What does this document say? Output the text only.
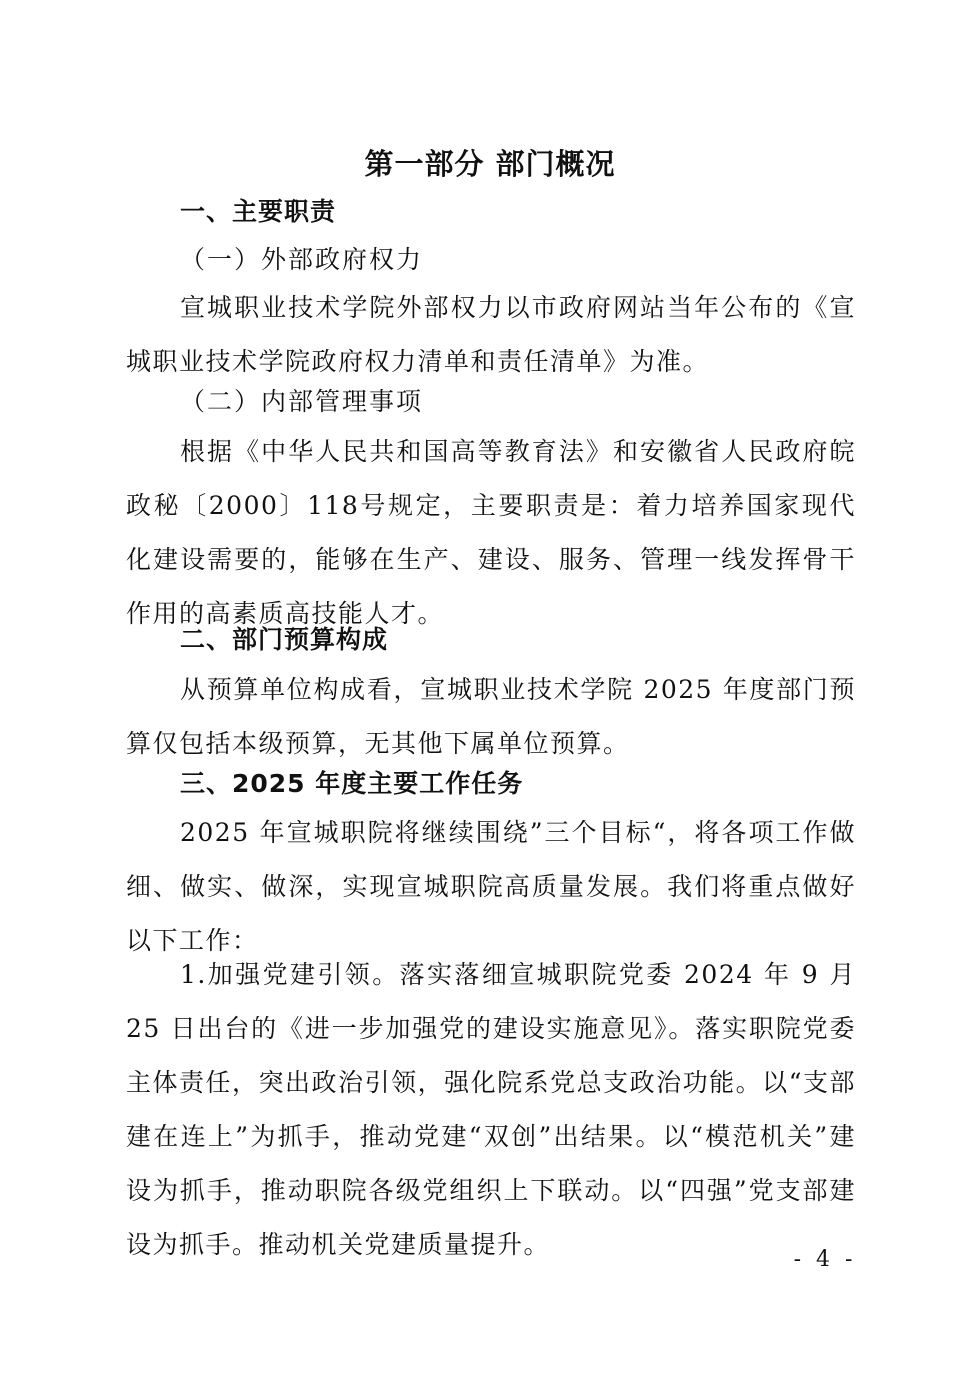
第一部分 部门概况
一、主要职责
（一）外部政府权力

宣城职业技术学院外部权力以市政府网站当年公布的《宣城职业技术学院政府权力清单和责任清单》为准。

（二）内部管理事项

根据《中华人民共和国高等教育法》和安徽省人民政府皖政秘〔2000〕118号规定，主要职责是：着力培养国家现代化建设需要的，能够在生产、建设、服务、管理一线发挥骨干作用的高素质高技能人才。

二、部门预算构成

从预算单位构成看，宣城职业技术学院 2025 年度部门预算仅包括本级预算，无其他下属单位预算。

三、2025 年度主要工作任务

2025 年宣城职院将继续围绕”三个目标“，将各项工作做细、做实、做深，实现宣城职院高质量发展。我们将重点做好以下工作：

1.加强党建引领。落实落细宣城职院党委 2024 年 9 月 25 日出台的《进一步加强党的建设实施意见》。落实职院党委主体责任，突出政治引领，强化院系党总支政治功能。以“支部建在连上”为抓手，推动党建“双创”出结果。以“模范机关”建设为抓手，推动职院各级党组织上下联动。以“四强”党支部建设为抓手。推动机关党建质量提升。

- 4 -
